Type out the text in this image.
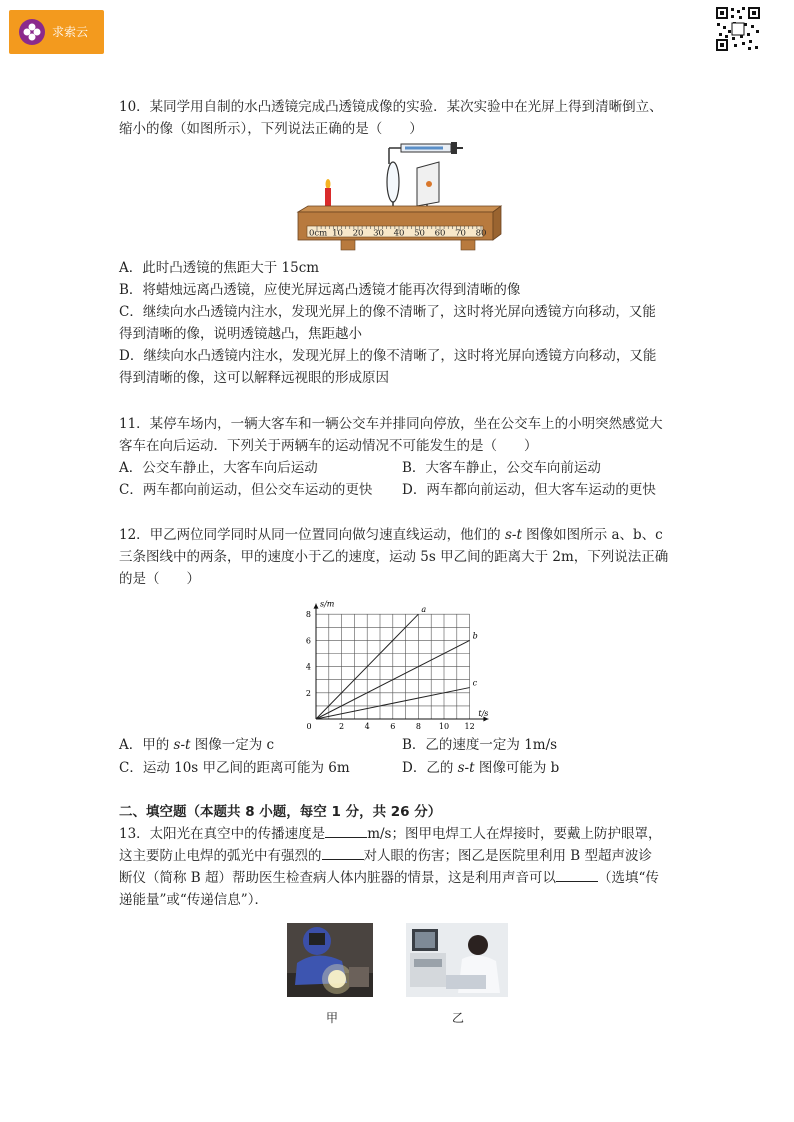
求索云
10．某同学用自制的水凸透镜完成凸透镜成像的实验．某次实验中在光屏上得到清晰倒立、
缩小的像（如图所示），下列说法正确的是（　　）
0cm 10 20 30 40 50 60 70 80
A．此时凸透镜的焦距大于 15cm
B．将蜡烛远离凸透镜，应使光屏远离凸透镜才能再次得到清晰的像
C．继续向水凸透镜内注水，发现光屏上的像不清晰了，这时将光屏向透镜方向移动，又能
得到清晰的像，说明透镜越凸，焦距越小
D．继续向水凸透镜内注水，发现光屏上的像不清晰了，这时将光屏向透镜方向移动，又能
得到清晰的像，这可以解释远视眼的形成原因
11．某停车场内，一辆大客车和一辆公交车并排同向停放，坐在公交车上的小明突然感觉大
客车在向后运动．下列关于两辆车的运动情况不可能发生的是（　　）
A．公交车静止，大客车向后运动	B．大客车静止，公交车向前运动
C．两车都向前运动，但公交车运动的更快 D．两车都向前运动，但大客车运动的更快
12．甲乙两位同学同时从同一位置同向做匀速直线运动，他们的 s-t 图像如图所示 a、b、c
三条图线中的两条，甲的速度小于乙的速度，运动 5s 甲乙间的距离大于 2m，下列说法正确
的是（　　）
0	2	4	6	8 10 12
2
4
6
8
s/m
t/s
a
b
c
A．甲的 s-t 图像一定为 c	B．乙的速度一定为 1m/s
C．运动 10s 甲乙间的距离可能为 6m	D．乙的 s-t 图像可能为 b
二、填空题（本题共 8 小题，每空 1 分，共 26 分）
13．太阳光在真空中的传播速度是	m/s；图甲电焊工人在焊接时，要戴上防护眼罩，
这主要防止电焊的弧光中有强烈的	对人眼的伤害；图乙是医院里利用 B 型超声波诊
断仪（简称 B 超）帮助医生检查病人体内脏器的情景，这是利用声音可以	（选填“传
递能量”或“传递信息”）．
甲	乙
